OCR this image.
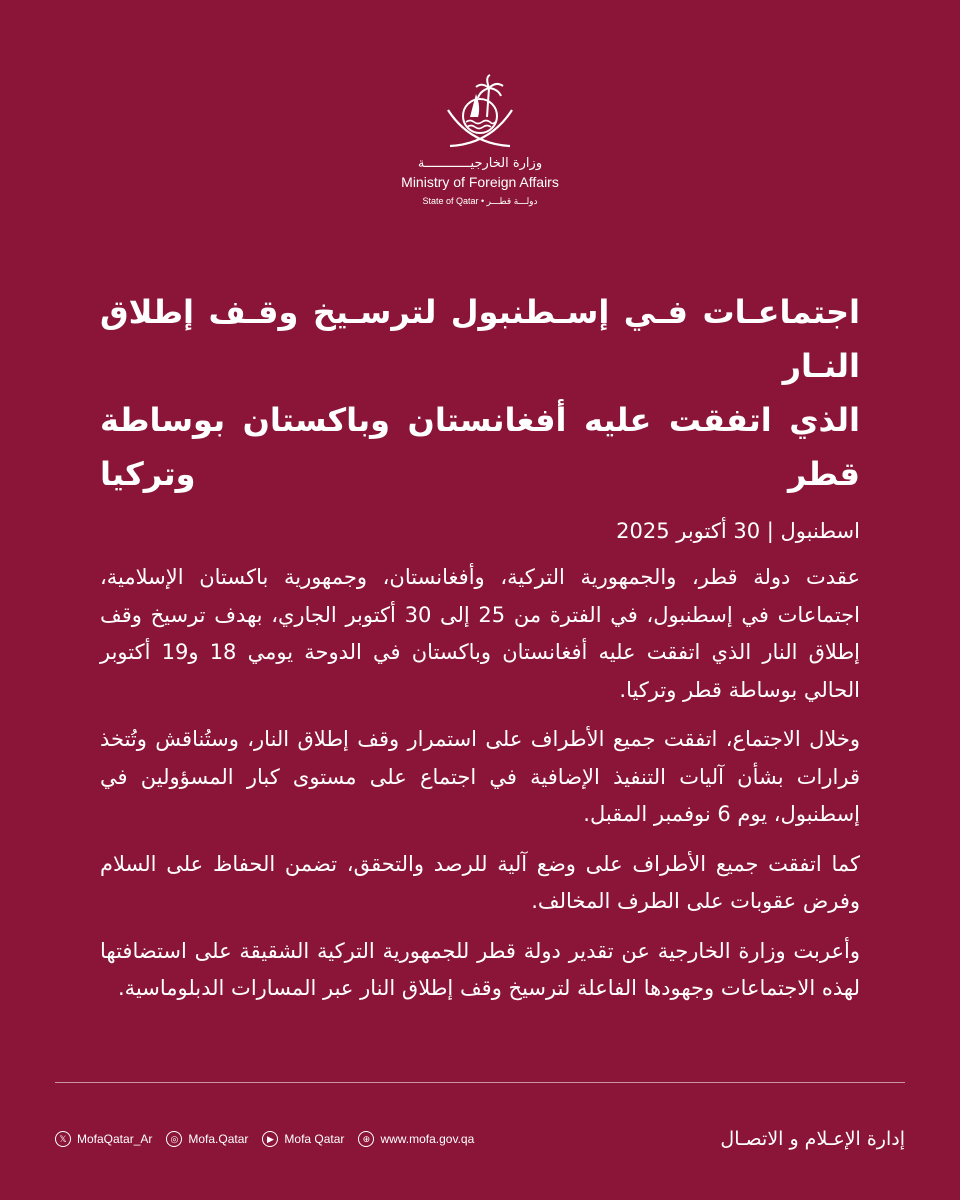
وزارة الخارجيــــــــــــة
Ministry of Foreign Affairs
State of Qatar • دولـــة قطـــر
اجتماعـات فـي إسـطنبول لترسـيخ وقـف إطلاق النـار
الذي اتفقت عليه أفغانستان وباكستان بوساطة قطر وتركيا
اسطنبول | 30 أكتوبر 2025
عقدت دولة قطر، والجمهورية التركية، وأفغانستان، وجمهورية باكستان الإسلامية، اجتماعات في إسطنبول، في الفترة من 25 إلى 30 أكتوبر الجاري، بهدف ترسيخ وقف إطلاق النار الذي اتفقت عليه أفغانستان وباكستان في الدوحة يومي 18 و19 أكتوبر الحالي بوساطة قطر وتركيا.
وخلال الاجتماع، اتفقت جميع الأطراف على استمرار وقف إطلاق النار، وستُناقش وتُتخذ قرارات بشأن آليات التنفيذ الإضافية في اجتماع على مستوى كبار المسؤولين في إسطنبول، يوم 6 نوفمبر المقبل.
كما اتفقت جميع الأطراف على وضع آلية للرصد والتحقق، تضمن الحفاظ على السلام وفرض عقوبات على الطرف المخالف.
وأعربت وزارة الخارجية عن تقدير دولة قطر للجمهورية التركية الشقيقة على استضافتها لهذه الاجتماعات وجهودها الفاعلة لترسيخ وقف إطلاق النار عبر المسارات الدبلوماسية.
𝕏 MofaQatar_Ar	◎ Mofa.Qatar	▶ Mofa Qatar	⊕ www.mofa.gov.qa	إدارة الإعـلام و الاتصـال
